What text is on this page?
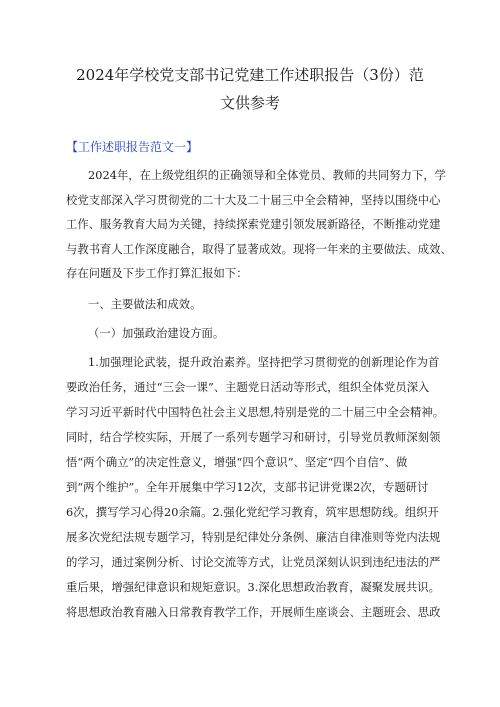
2024年学校党支部书记党建工作述职报告（3份）范
文供参考
【工作述职报告范文一】
2024年，在上级党组织的正确领导和全体党员、教师的共同努力下，学
校党支部深入学习贯彻党的二十大及二十届三中全会精神，坚持以围绕中心
工作、服务教育大局为关键，持续探索党建引领发展新路径，不断推动党建
与教书育人工作深度融合，取得了显著成效。现将一年来的主要做法、成效、
存在问题及下步工作打算汇报如下：
一、主要做法和成效。
（一）加强政治建设方面。
1.加强理论武装，提升政治素养。坚持把学习贯彻党的创新理论作为首
要政治任务，通过“三会一课”、主题党日活动等形式，组织全体党员深入
学习习近平新时代中国特色社会主义思想,特别是党的二十届三中全会精神。
同时，结合学校实际，开展了一系列专题学习和研讨，引导党员教师深刻领
悟“两个确立”的决定性意义，增强“四个意识”、坚定“四个自信”、做
到“两个维护”。全年开展集中学习12次，支部书记讲党课2次，专题研讨
6次，撰写学习心得20余篇。2.强化党纪学习教育，筑牢思想防线。组织开
展多次党纪法规专题学习，特别是纪律处分条例、廉洁自律准则等党内法规
的学习，通过案例分析、讨论交流等方式，让党员深刻认识到违纪违法的严
重后果，增强纪律意识和规矩意识。3.深化思想政治教育，凝聚发展共识。
将思想政治教育融入日常教育教学工作，开展师生座谈会、主题班会、思政
